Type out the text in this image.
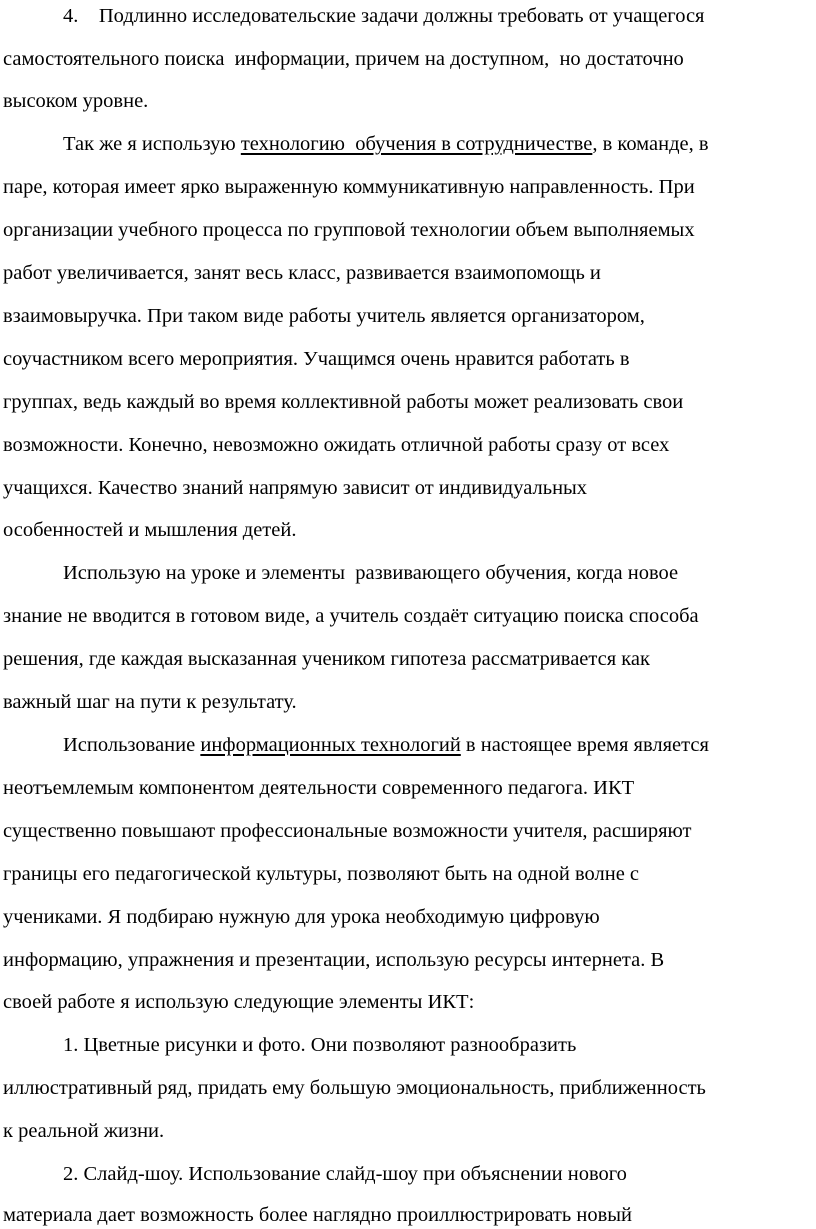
4.    Подлинно исследовательские задачи должны требовать от учащегося
самостоятельного поиска  информации, причем на доступном,  но достаточно
высоком уровне.
Так же я использую технологию  обучения в сотрудничестве, в команде, в
паре, которая имеет ярко выраженную коммуникативную направленность. При
организации учебного процесса по групповой технологии объем выполняемых
работ увеличивается, занят весь класс, развивается взаимопомощь и
взаимовыручка. При таком виде работы учитель является организатором,
соучастником всего мероприятия. Учащимся очень нравится работать в
группах, ведь каждый во время коллективной работы может реализовать свои
возможности. Конечно, невозможно ожидать отличной работы сразу от всех
учащихся. Качество знаний напрямую зависит от индивидуальных
особенностей и мышления детей.
Использую на уроке и элементы  развивающего обучения, когда новое
знание не вводится в готовом виде, а учитель создаёт ситуацию поиска способа
решения, где каждая высказанная учеником гипотеза рассматривается как
важный шаг на пути к результату.
Использование информационных технологий в настоящее время является
неотъемлемым компонентом деятельности современного педагога. ИКТ
существенно повышают профессиональные возможности учителя, расширяют
границы его педагогической культуры, позволяют быть на одной волне с
учениками. Я подбираю нужную для урока необходимую цифровую
информацию, упражнения и презентации, использую ресурсы интернета. В
своей работе я использую следующие элементы ИКТ:
1. Цветные рисунки и фото. Они позволяют разнообразить
иллюстративный ряд, придать ему большую эмоциональность, приближенность
к реальной жизни.
2. Слайд-шоу. Использование слайд-шоу при объяснении нового
материала дает возможность более наглядно проиллюстрировать новый
